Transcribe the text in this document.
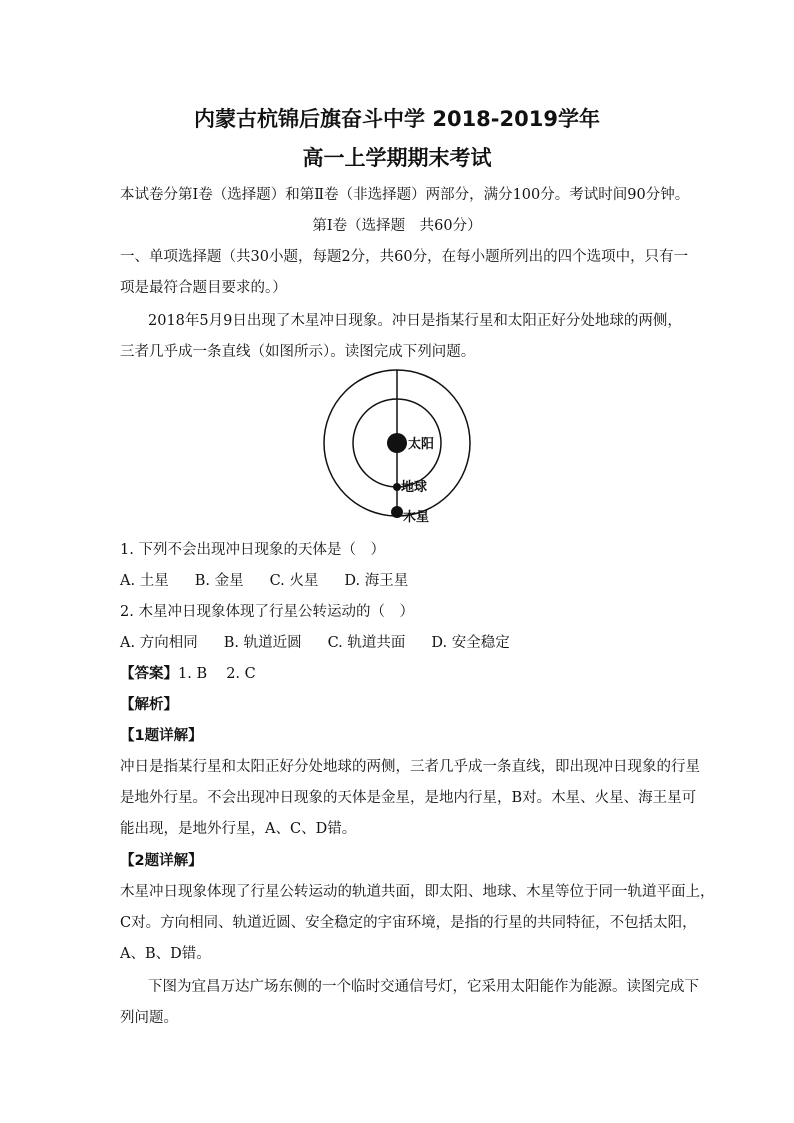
内蒙古杭锦后旗奋斗中学 2018-2019学年
高一上学期期末考试
本试卷分第Ⅰ卷（选择题）和第Ⅱ卷（非选择题）两部分，满分100分。考试时间90分钟。
第Ⅰ卷（选择题　共60分）
一、单项选择题（共30小题，每题2分，共60分，在每小题所列出的四个选项中，只有一
项是最符合题目要求的。）
2018年5月9日出现了木星冲日现象。冲日是指某行星和太阳正好分处地球的两侧，
三者几乎成一条直线（如图所示）。读图完成下列问题。
太阳
地球
木星
1. 下列不会出现冲日现象的天体是（　）
A. 土星 B. 金星 C. 火星 D. 海王星
2. 木星冲日现象体现了行星公转运动的（　）
A. 方向相同 B. 轨道近圆 C. 轨道共面 D. 安全稳定
【答案】1. B　 2. C
【解析】
【1题详解】
冲日是指某行星和太阳正好分处地球的两侧，三者几乎成一条直线，即出现冲日现象的行星
是地外行星。不会出现冲日现象的天体是金星，是地内行星，B对。木星、火星、海王星可
能出现，是地外行星，A、C、D错。
【2题详解】
木星冲日现象体现了行星公转运动的轨道共面，即太阳、地球、木星等位于同一轨道平面上，
C对。方向相同、轨道近圆、安全稳定的宇宙环境，是指的行星的共同特征，不包括太阳，
A、B、D错。
下图为宜昌万达广场东侧的一个临时交通信号灯，它采用太阳能作为能源。读图完成下
列问题。
